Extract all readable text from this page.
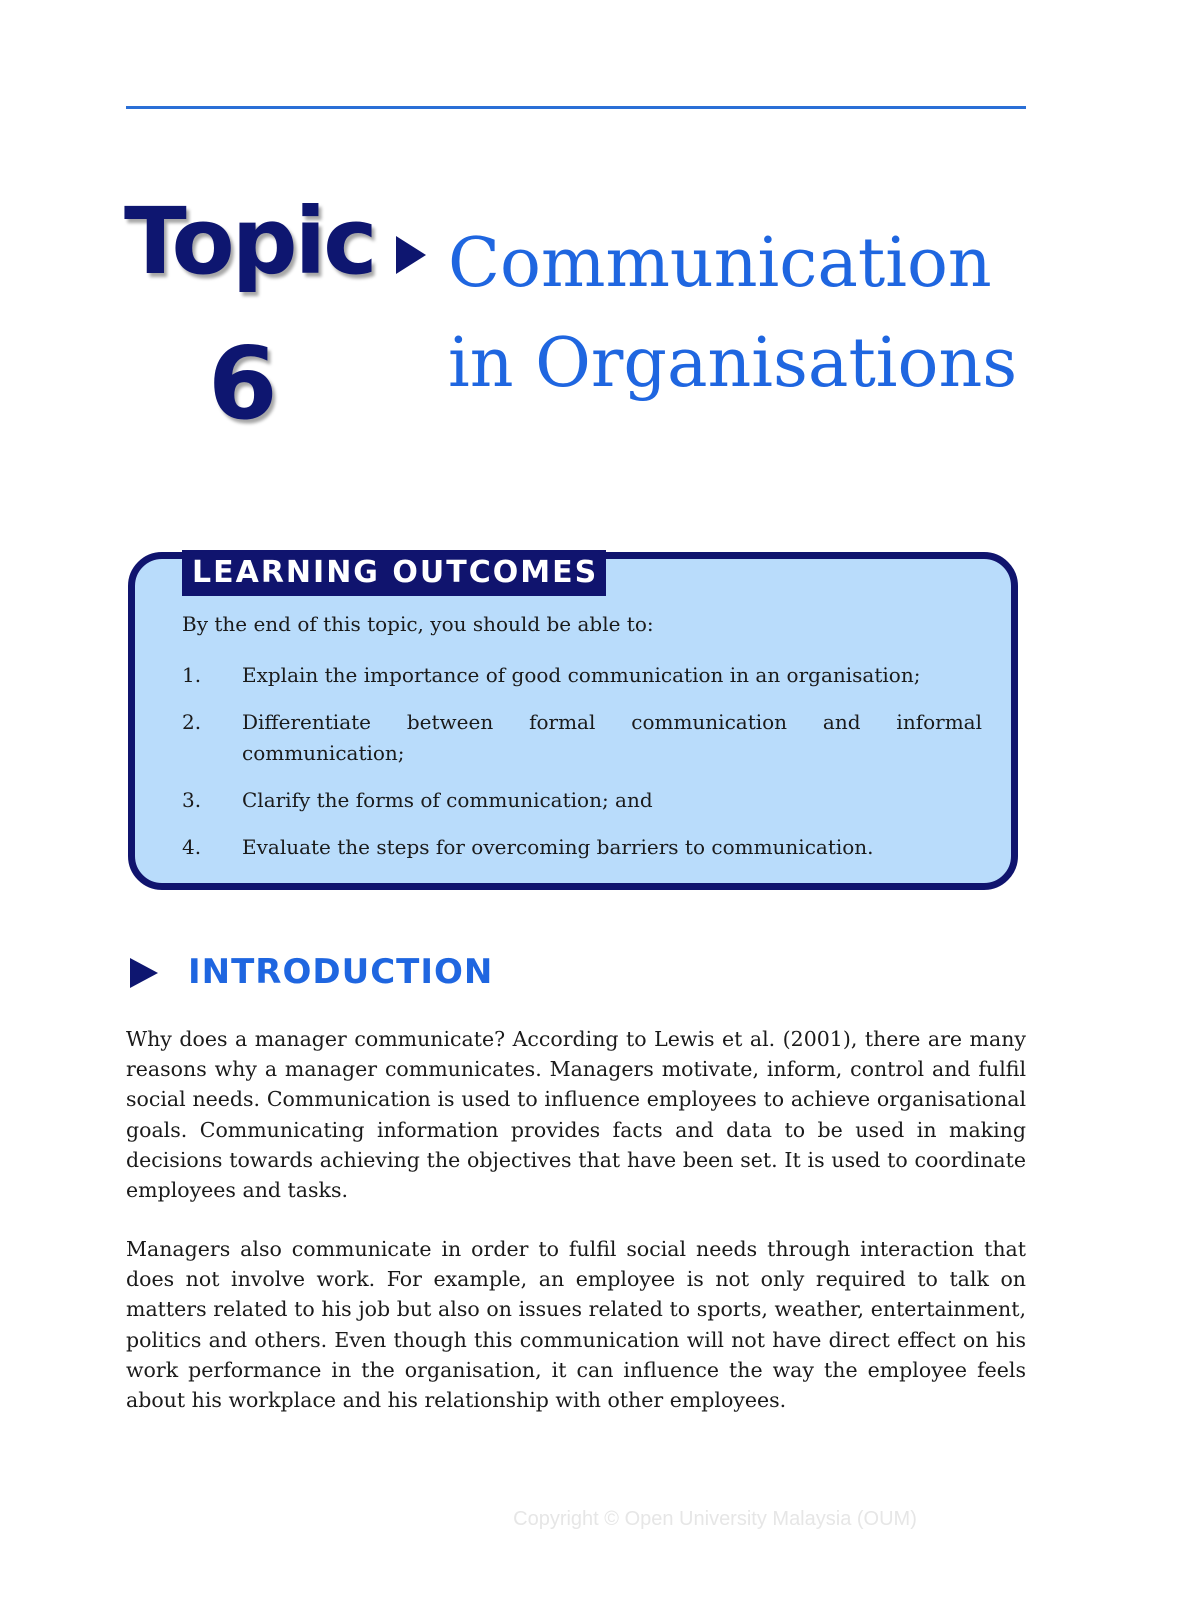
Topic
6
Communication
in Organisations
LEARNING OUTCOMES
By the end of this topic, you should be able to:
1.	Explain the importance of good communication in an organisation;
2.	Differentiate between formal communication and informal communication;
3.	Clarify the forms of communication; and
4.	Evaluate the steps for overcoming barriers to communication.
INTRODUCTION

Why does a manager communicate? According to Lewis et al. (2001), there are many reasons why a manager communicates. Managers motivate, inform, control and fulfil social needs. Communication is used to influence employees to achieve organisational goals. Communicating information provides facts and data to be used in making decisions towards achieving the objectives that have been set. It is used to coordinate employees and tasks.

Managers also communicate in order to fulfil social needs through interaction that does not involve work. For example, an employee is not only required to talk on matters related to his job but also on issues related to sports, weather, entertainment, politics and others. Even though this communication will not have direct effect on his work performance in the organisation, it can influence the way the employee feels about his workplace and his relationship with other employees.

Copyright © Open University Malaysia (OUM)
